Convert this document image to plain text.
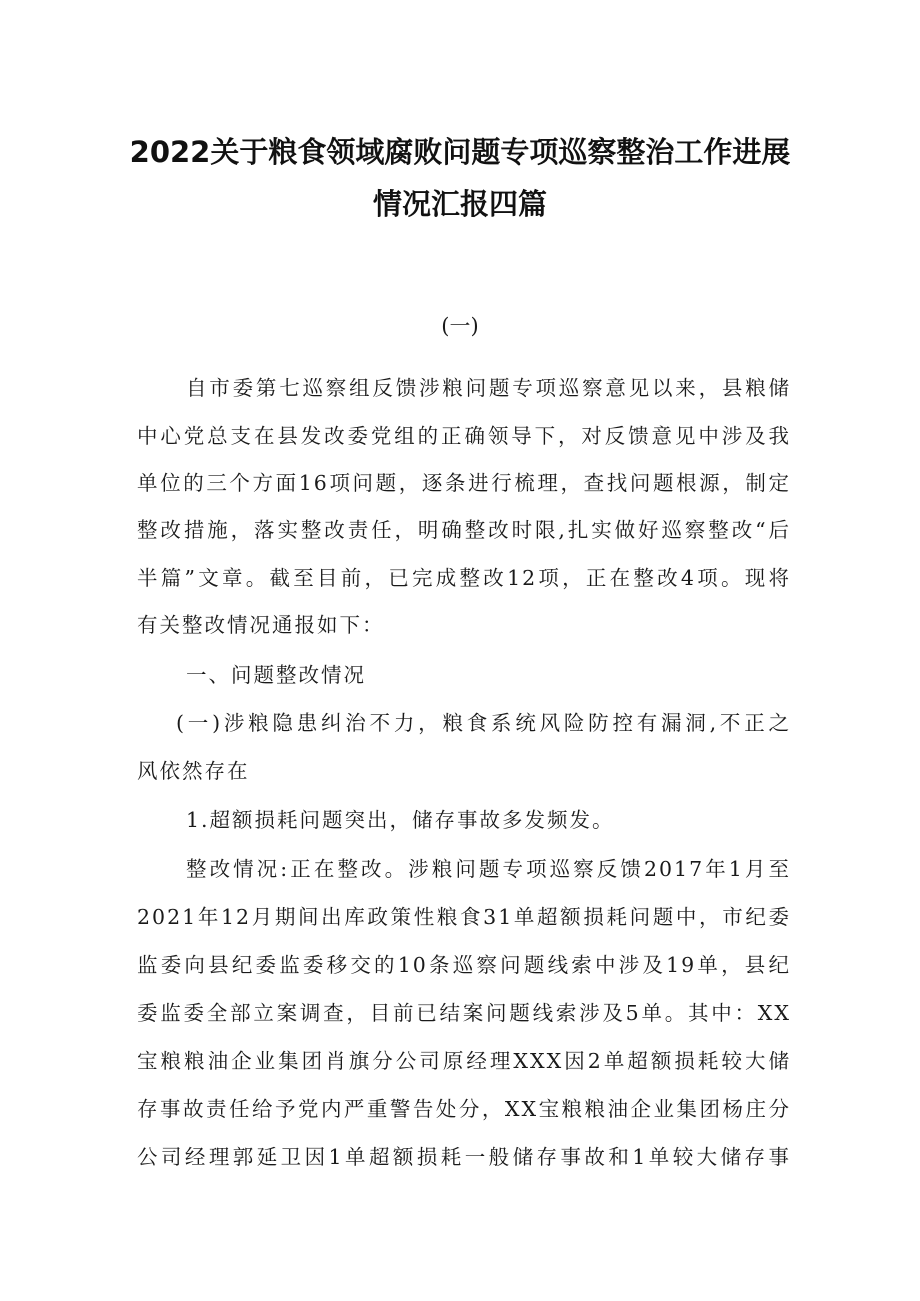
2022关于粮食领域腐败问题专项巡察整治工作进展
情况汇报四篇
(一)
自市委第七巡察组反馈涉粮问题专项巡察意见以来，县粮储
中心党总支在县发改委党组的正确领导下，对反馈意见中涉及我
单位的三个方面16项问题，逐条进行梳理，查找问题根源，制定
整改措施，落实整改责任，明确整改时限,扎实做好巡察整改“后
半篇”文章。截至目前，已完成整改12项，正在整改4项。现将
有关整改情况通报如下：
一、问题整改情况
(一)涉粮隐患纠治不力，粮食系统风险防控有漏洞,不正之
风依然存在
1.超额损耗问题突出，储存事故多发频发。
整改情况:正在整改。涉粮问题专项巡察反馈2017年1月至
2021年12月期间出库政策性粮食31单超额损耗问题中，市纪委
监委向县纪委监委移交的10条巡察问题线索中涉及19单，县纪
委监委全部立案调查，目前已结案问题线索涉及5单。其中：XX
宝粮粮油企业集团肖旗分公司原经理XXX因2单超额损耗较大储
存事故责任给予党内严重警告处分，XX宝粮粮油企业集团杨庄分
公司经理郭延卫因1单超额损耗一般储存事故和1单较大储存事
